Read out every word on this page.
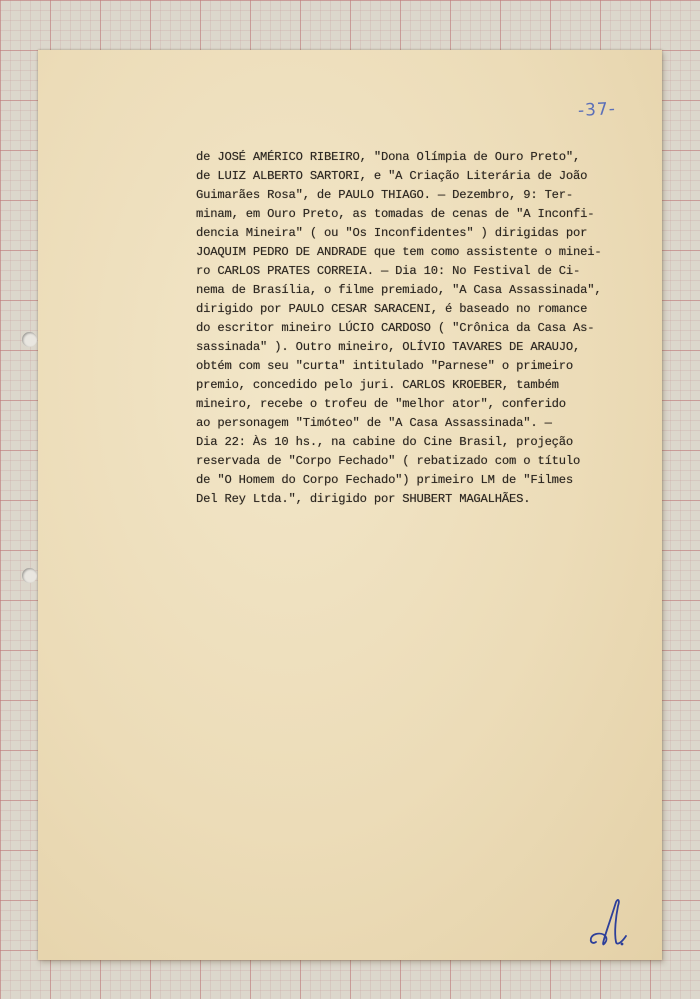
-37-
de JOSÉ AMÉRICO RIBEIRO, "Dona Olímpia de Ouro Preto",
de LUIZ ALBERTO SARTORI, e "A Criação Literária de João
Guimarães Rosa", de PAULO THIAGO. — Dezembro, 9: Ter-
minam, em Ouro Preto, as tomadas de cenas de "A Inconfi-
dencia Mineira" ( ou "Os Inconfidentes" ) dirigidas por
JOAQUIM PEDRO DE ANDRADE que tem como assistente o minei-
ro CARLOS PRATES CORREIA. — Dia 10: No Festival de Ci-
nema de Brasília, o filme premiado, "A Casa Assassinada",
dirigido por PAULO CESAR SARACENI, é baseado no romance
do escritor mineiro LÚCIO CARDOSO ( "Crônica da Casa As-
sassinada" ). Outro mineiro, OLÍVIO TAVARES DE ARAUJO,
obtém com seu "curta" intitulado "Parnese" o primeiro
premio, concedido pelo juri. CARLOS KROEBER, também
mineiro, recebe o trofeu de "melhor ator", conferido
ao personagem "Timóteo" de "A Casa Assassinada". —
Dia 22: Às 10 hs., na cabine do Cine Brasil, projeção
reservada de "Corpo Fechado" ( rebatizado com o título
de "O Homem do Corpo Fechado") primeiro LM de "Filmes
Del Rey Ltda.", dirigido por SHUBERT MAGALHÃES.
